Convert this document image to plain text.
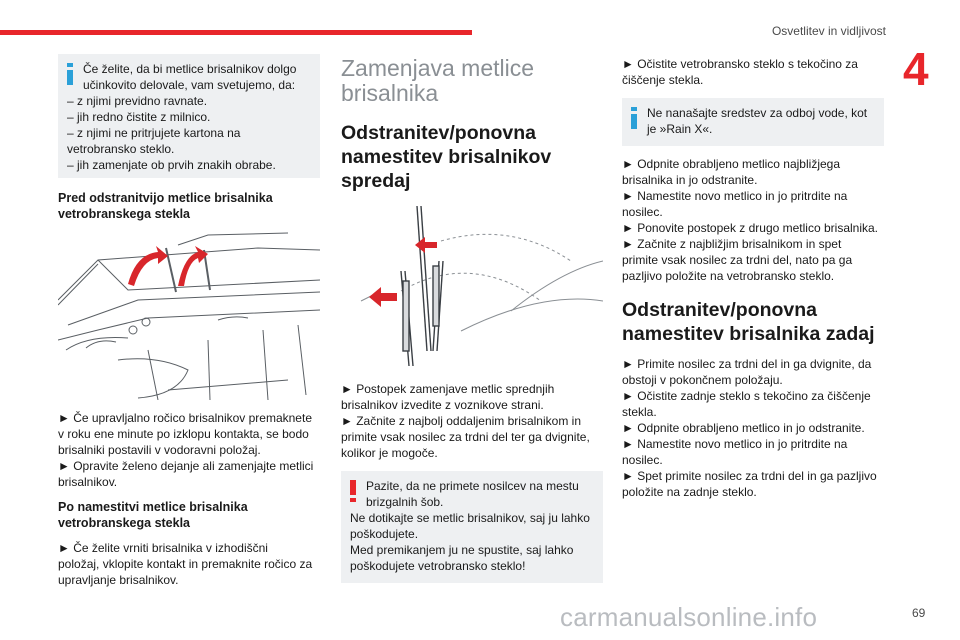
Osvetlitev in vidljivost
4
69
Če želite, da bi metlice brisalnikov dolgo
učinkovito delovale, vam svetujemo, da:
– z njimi previdno ravnate.
– jih redno čistite z milnico.
– z njimi ne pritrjujete kartona na
vetrobransko steklo.
– jih zamenjate ob prvih znakih obrabe.
Pred odstranitvijo metlice brisalnika
vetrobranskega stekla
► Če upravljalno ročico brisalnikov premaknete
v roku ene minute po izklopu kontakta, se bodo
brisalniki postavili v vodoravni položaj.
► Opravite želeno dejanje ali zamenjajte metlici
brisalnikov.
Po namestitvi metlice brisalnika
vetrobranskega stekla
► Če želite vrniti brisalnika v izhodiščni
položaj, vklopite kontakt in premaknite ročico za
upravljanje brisalnikov.
Zamenjava metlice
brisalnika
Odstranitev/ponovna
namestitev brisalnikov
spredaj
► Postopek zamenjave metlic sprednjih
brisalnikov izvedite z voznikove strani.
► Začnite z najbolj oddaljenim brisalnikom in
primite vsak nosilec za trdni del ter ga dvignite,
kolikor je mogoče.
Pazite, da ne primete nosilcev na mestu
brizgalnih šob.
Ne dotikajte se metlic brisalnikov, saj ju lahko
poškodujete.
Med premikanjem ju ne spustite, saj lahko
poškodujete vetrobransko steklo!
► Očistite vetrobransko steklo s tekočino za
čiščenje stekla.
Ne nanašajte sredstev za odboj vode, kot
je »Rain X«.
► Odpnite obrabljeno metlico najbližjega
brisalnika in jo odstranite.
► Namestite novo metlico in jo pritrdite na
nosilec.
► Ponovite postopek z drugo metlico brisalnika.
► Začnite z najbližjim brisalnikom in spet
primite vsak nosilec za trdni del, nato pa ga
pazljivo položite na vetrobransko steklo.
Odstranitev/ponovna
namestitev brisalnika zadaj
► Primite nosilec za trdni del in ga dvignite, da
obstoji v pokončnem položaju.
► Očistite zadnje steklo s tekočino za čiščenje
stekla.
► Odpnite obrabljeno metlico in jo odstranite.
► Namestite novo metlico in jo pritrdite na
nosilec.
► Spet primite nosilec za trdni del in ga pazljivo
položite na zadnje steklo.
carmanualsonline.info
